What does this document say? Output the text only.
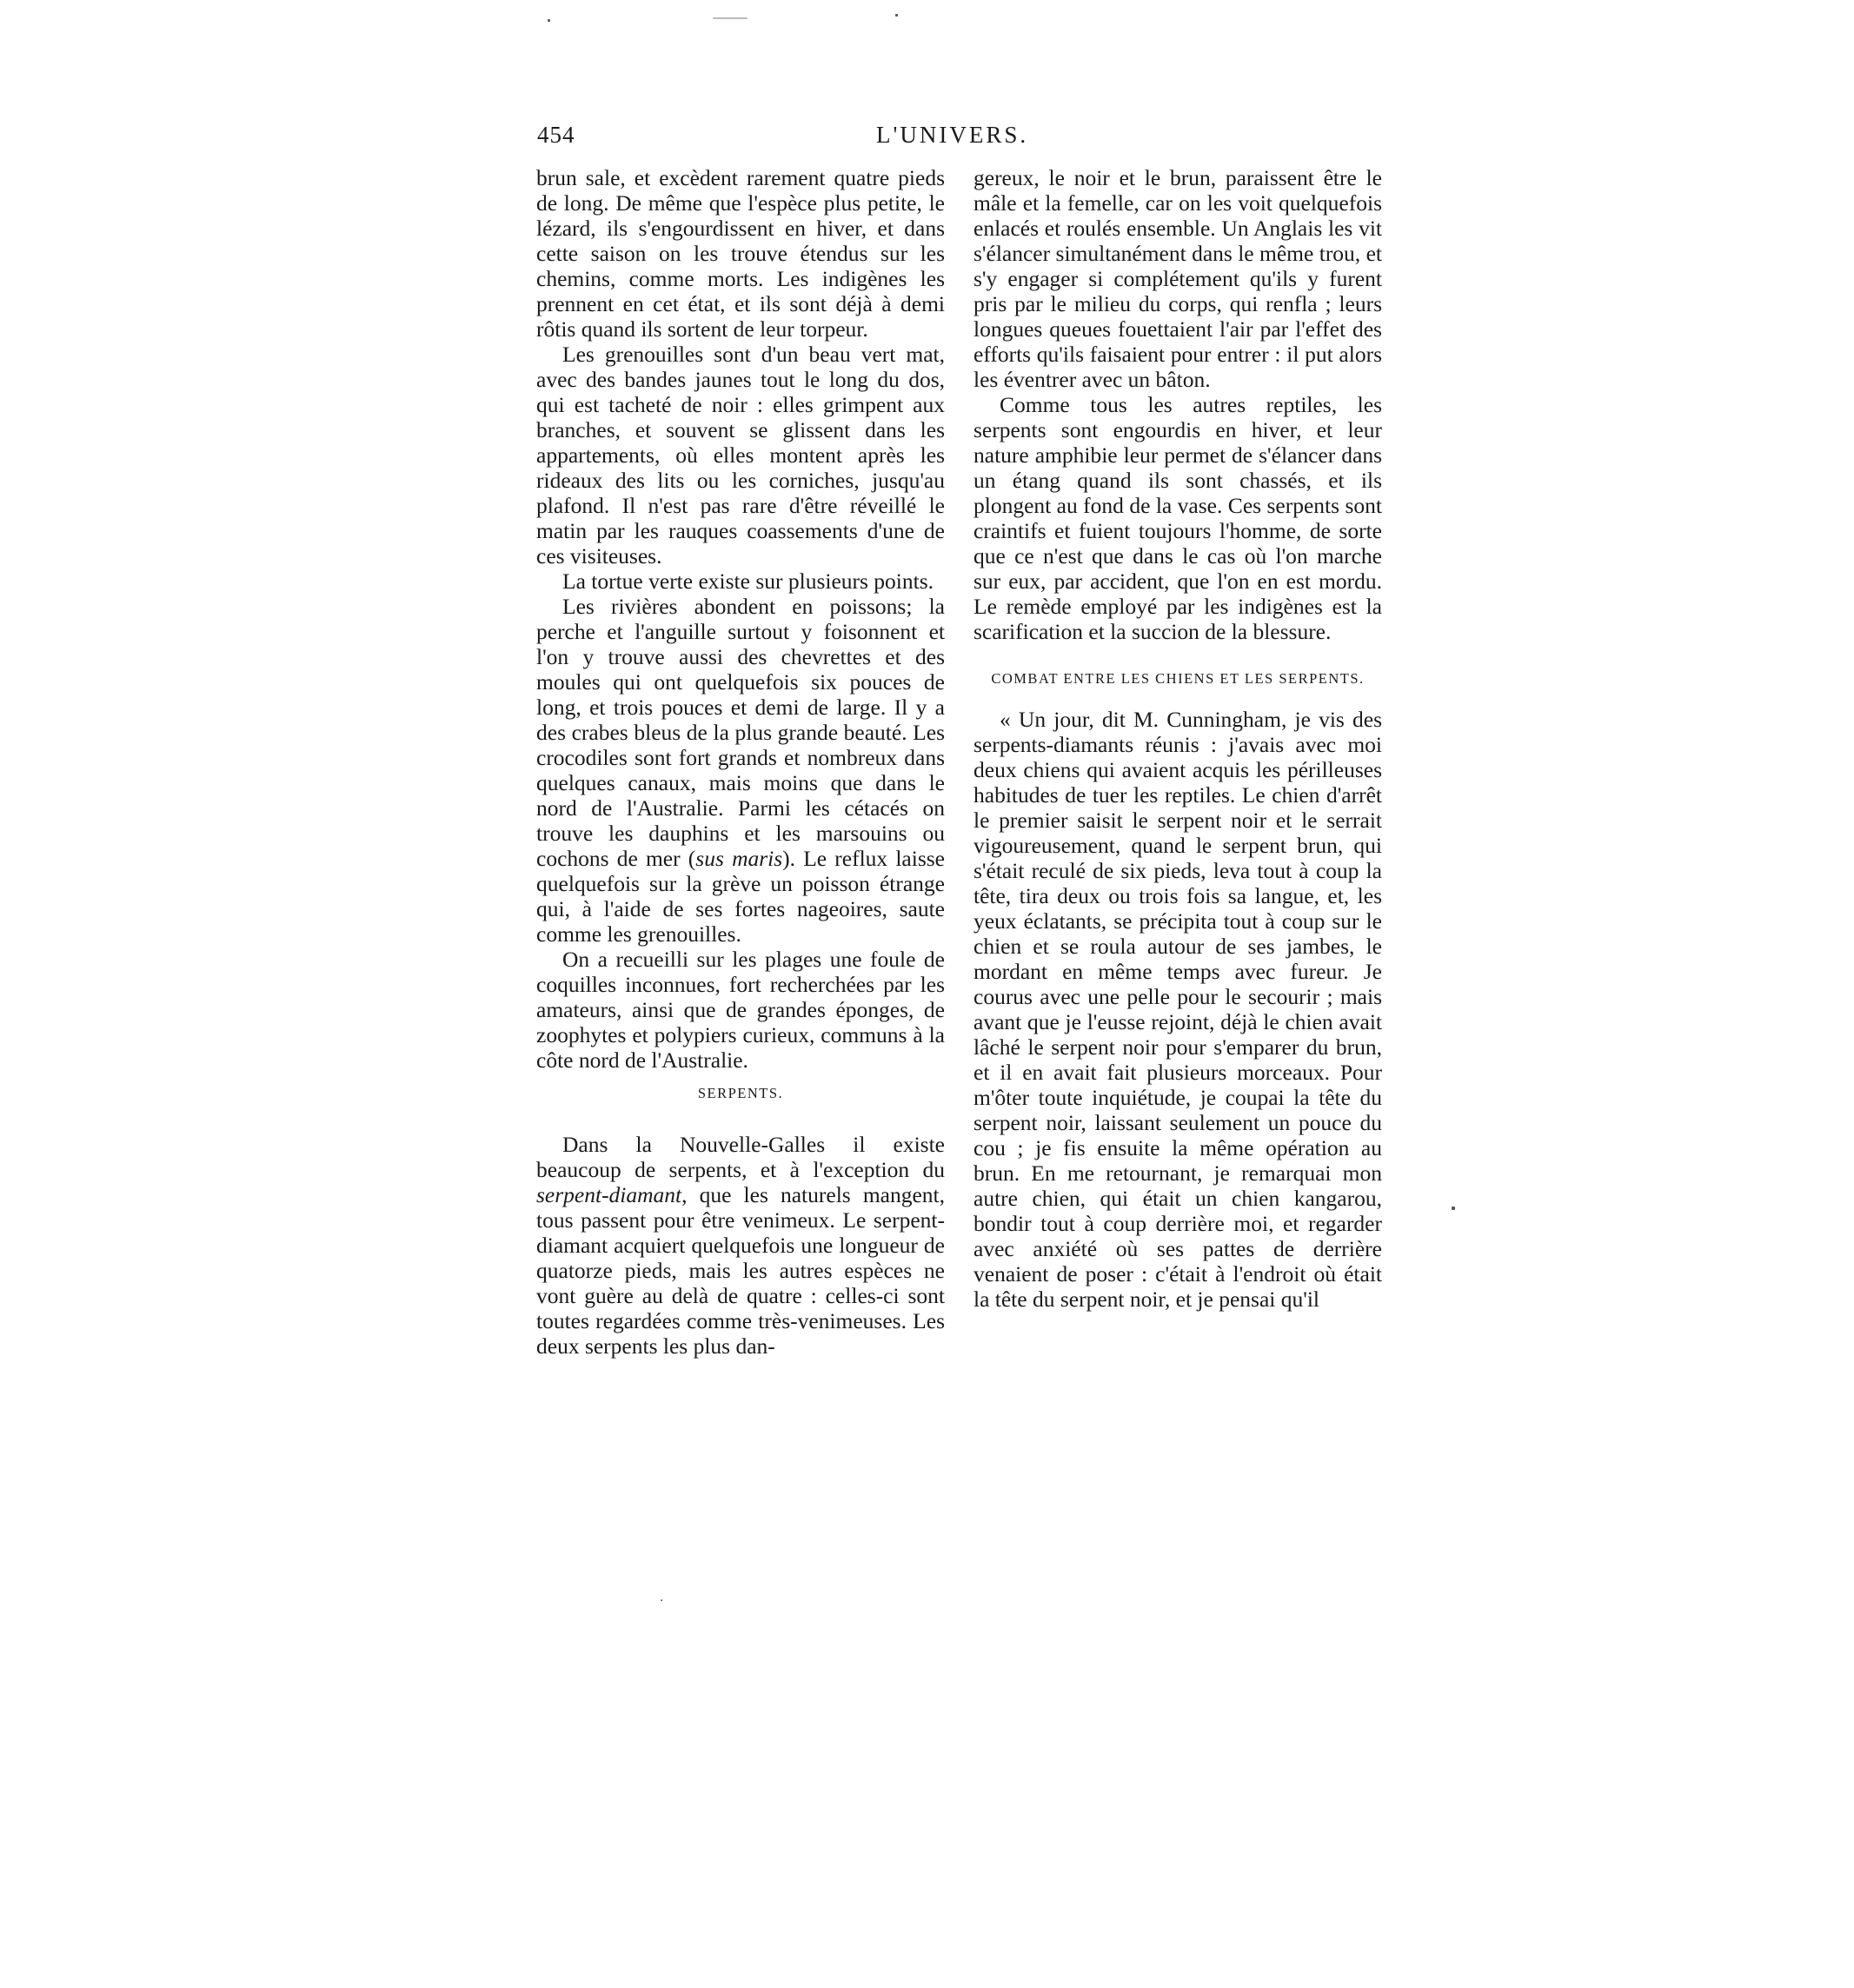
454	L'UNIVERS.

brun sale, et excèdent rarement quatre pieds de long. De même que l'espèce plus petite, le lézard, ils s'engourdissent en hiver, et dans cette saison on les trouve étendus sur les chemins, comme morts. Les indigènes les prennent en cet état, et ils sont déjà à demi rôtis quand ils sortent de leur torpeur.

Les grenouilles sont d'un beau vert mat, avec des bandes jaunes tout le long du dos, qui est tacheté de noir : elles grimpent aux branches, et souvent se glissent dans les appartements, où elles montent après les rideaux des lits ou les corniches, jusqu'au plafond. Il n'est pas rare d'être réveillé le matin par les rauques coassements d'une de ces visiteuses.

La tortue verte existe sur plusieurs points.

Les rivières abondent en poissons; la perche et l'anguille surtout y foisonnent et l'on y trouve aussi des chevrettes et des moules qui ont quelquefois six pouces de long, et trois pouces et demi de large. Il y a des crabes bleus de la plus grande beauté. Les crocodiles sont fort grands et nombreux dans quelques canaux, mais moins que dans le nord de l'Australie. Parmi les cétacés on trouve les dauphins et les marsouins ou cochons de mer (sus maris). Le reflux laisse quelquefois sur la grève un poisson étrange qui, à l'aide de ses fortes nageoires, saute comme les grenouilles.

On a recueilli sur les plages une foule de coquilles inconnues, fort recherchées par les amateurs, ainsi que de grandes éponges, de zoophytes et polypiers curieux, communs à la côte nord de l'Australie.

SERPENTS.

Dans la Nouvelle-Galles il existe beaucoup de serpents, et à l'exception du serpent-diamant, que les naturels mangent, tous passent pour être venimeux. Le serpent-diamant acquiert quelquefois une longueur de quatorze pieds, mais les autres espèces ne vont guère au delà de quatre : celles-ci sont toutes regardées comme très-venimeuses. Les deux serpents les plus dan-

gereux, le noir et le brun, paraissent être le mâle et la femelle, car on les voit quelquefois enlacés et roulés ensemble. Un Anglais les vit s'élancer simultanément dans le même trou, et s'y engager si complétement qu'ils y furent pris par le milieu du corps, qui renfla ; leurs longues queues fouettaient l'air par l'effet des efforts qu'ils faisaient pour entrer : il put alors les éventrer avec un bâton.

Comme tous les autres reptiles, les serpents sont engourdis en hiver, et leur nature amphibie leur permet de s'élancer dans un étang quand ils sont chassés, et ils plongent au fond de la vase. Ces serpents sont craintifs et fuient toujours l'homme, de sorte que ce n'est que dans le cas où l'on marche sur eux, par accident, que l'on en est mordu. Le remède employé par les indigènes est la scarification et la succion de la blessure.

COMBAT ENTRE LES CHIENS ET LES SERPENTS.

« Un jour, dit M. Cunningham, je vis des serpents-diamants réunis : j'avais avec moi deux chiens qui avaient acquis les périlleuses habitudes de tuer les reptiles. Le chien d'arrêt le premier saisit le serpent noir et le serrait vigoureusement, quand le serpent brun, qui s'était reculé de six pieds, leva tout à coup la tête, tira deux ou trois fois sa langue, et, les yeux éclatants, se précipita tout à coup sur le chien et se roula autour de ses jambes, le mordant en même temps avec fureur. Je courus avec une pelle pour le secourir ; mais avant que je l'eusse rejoint, déjà le chien avait lâché le serpent noir pour s'emparer du brun, et il en avait fait plusieurs morceaux. Pour m'ôter toute inquiétude, je coupai la tête du serpent noir, laissant seulement un pouce du cou ; je fis ensuite la même opération au brun. En me retournant, je remarquai mon autre chien, qui était un chien kangarou, bondir tout à coup derrière moi, et regarder avec anxiété où ses pattes de derrière venaient de poser : c'était à l'endroit où était la tête du serpent noir, et je pensai qu'il
